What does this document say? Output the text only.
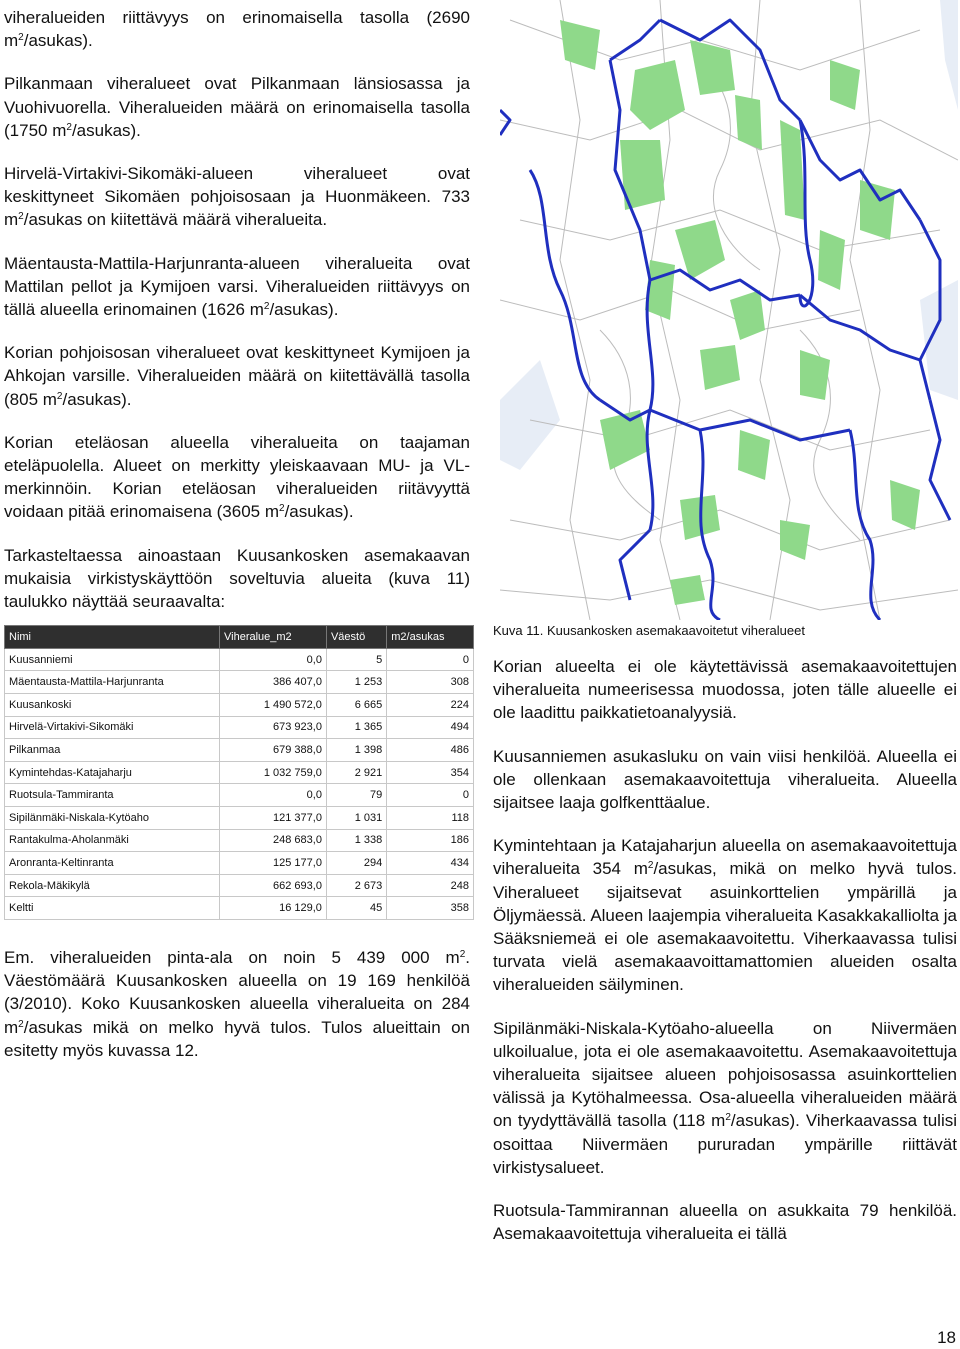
viheralueiden riittävyys on erinomaisella tasolla (2690 $m^2/asukas$).

Pilkanmaan viheralueet ovat Pilkanmaan länsiosassa ja Vuohivuorella. Viheralueiden määrä on erinomaisella tasolla (1750 $m^2/asukas$).

Hirvelä-Virtakivi-Sikomäki-alueen viheralueet ovat keskittyneet Sikomäen pohjoisosaan ja Huonmäkeen. 733 $m^2$/asukas on kiitettävä määrä viheralueita.

Mäentausta-Mattila-Harjunranta-alueen viheralueita ovat Mattilan pellot ja Kymijoen varsi. Viheralueiden riittävyys on tällä alueella erinomainen (1626 $m^2/asukas$).

Korian pohjoisosan viheralueet ovat keskittyneet Kymijoen ja Ahkojan varsille. Viheralueiden määrä on kiitettävällä tasolla (805 $m^2/asukas$).

Korian eteläosan alueella viheralueita on taajaman eteläpuolella. Alueet on merkitty yleiskaavaan MU- ja VL-merkinnöin. Korian eteläosan viheralueiden riitävyyttä voidaan pitää erinomaisena (3605 $m^2/asukas$).

Tarkasteltaessa ainoastaan Kuusankosken asemakaavan mukaisia virkistyskäyttöön soveltuvia alueita (kuva 11) taulukko näyttää seuraavalta:

Nimi	Viheralue_m2	Väestö	m2/asukas
Kuusanniemi	0,0	5	0
Mäentausta-Mattila-Harjunranta	386 407,0	1 253	308
Kuusankoski	1 490 572,0	6 665	224
Hirvelä-Virtakivi-Sikomäki	673 923,0	1 365	494
Pilkanmaa	679 388,0	1 398	486
Kymintehdas-Katajaharju	1 032 759,0	2 921	354
Ruotsula-Tammiranta	0,0	79	0
Sipilänmäki-Niskala-Kytöaho	121 377,0	1 031	118
Rantakulma-Aholanmäki	248 683,0	1 338	186
Aronranta-Keltinranta	125 177,0	294	434
Rekola-Mäkikylä	662 693,0	2 673	248
Keltti	16 129,0	45	358

Em. viheralueiden pinta-ala on noin 5 439 000 $m^2$. Väestömäärä Kuusankosken alueella on 19 169 henkilöä (3/2010). Koko Kuusankosken alueella viheralueita on 284 $m^2$/asukas mikä on melko hyvä tulos. Tulos alueittain on esitetty myös kuvassa 12.

Kuva 11. Kuusankosken asemakaavoitetut viheralueet

Korian alueelta ei ole käytettävissä asemakaavoitettujen viheralueita numeerisessa muodossa, joten tälle alueelle ei ole laadittu paikkatietoanalyysiä.

Kuusanniemen asukasluku on vain viisi henkilöä. Alueella ei ole ollenkaan asemakaavoitettuja viheralueita. Alueella sijaitsee laaja golfkenttäalue.

Kymintehtaan ja Katajaharjun alueella on asemakaavoitettuja viheralueita 354 $m^2$/asukas, mikä on melko hyvä tulos. Viheralueet sijaitsevat asuinkorttelien ympärillä ja Öljymäessä. Alueen laajempia viheralueita Kasakkakalliolta ja Sääksniemeä ei ole asemakaavoitettu. Viherkaavassa tulisi turvata vielä asemakaavoittamattomien alueiden osalta viheralueiden säilyminen.

Sipilänmäki-Niskala-Kytöaho-alueella on Niivermäen ulkoilualue, jota ei ole asemakaavoitettu. Asemakaavoitettuja viheralueita sijaitsee alueen pohjoisosassa asuinkorttelien välissä ja Kytöhalmeessa. Osa-alueella viheralueiden määrä on tyydyttävällä tasolla (118 $m^2/asukas$). Viherkaavassa tulisi osoittaa Niivermäen pururadan ympärille riittävät virkistysalueet.

Ruotsula-Tammirannan alueella on asukkaita 79 henkilöä. Asemakaavoitettuja viheralueita ei tällä

18
